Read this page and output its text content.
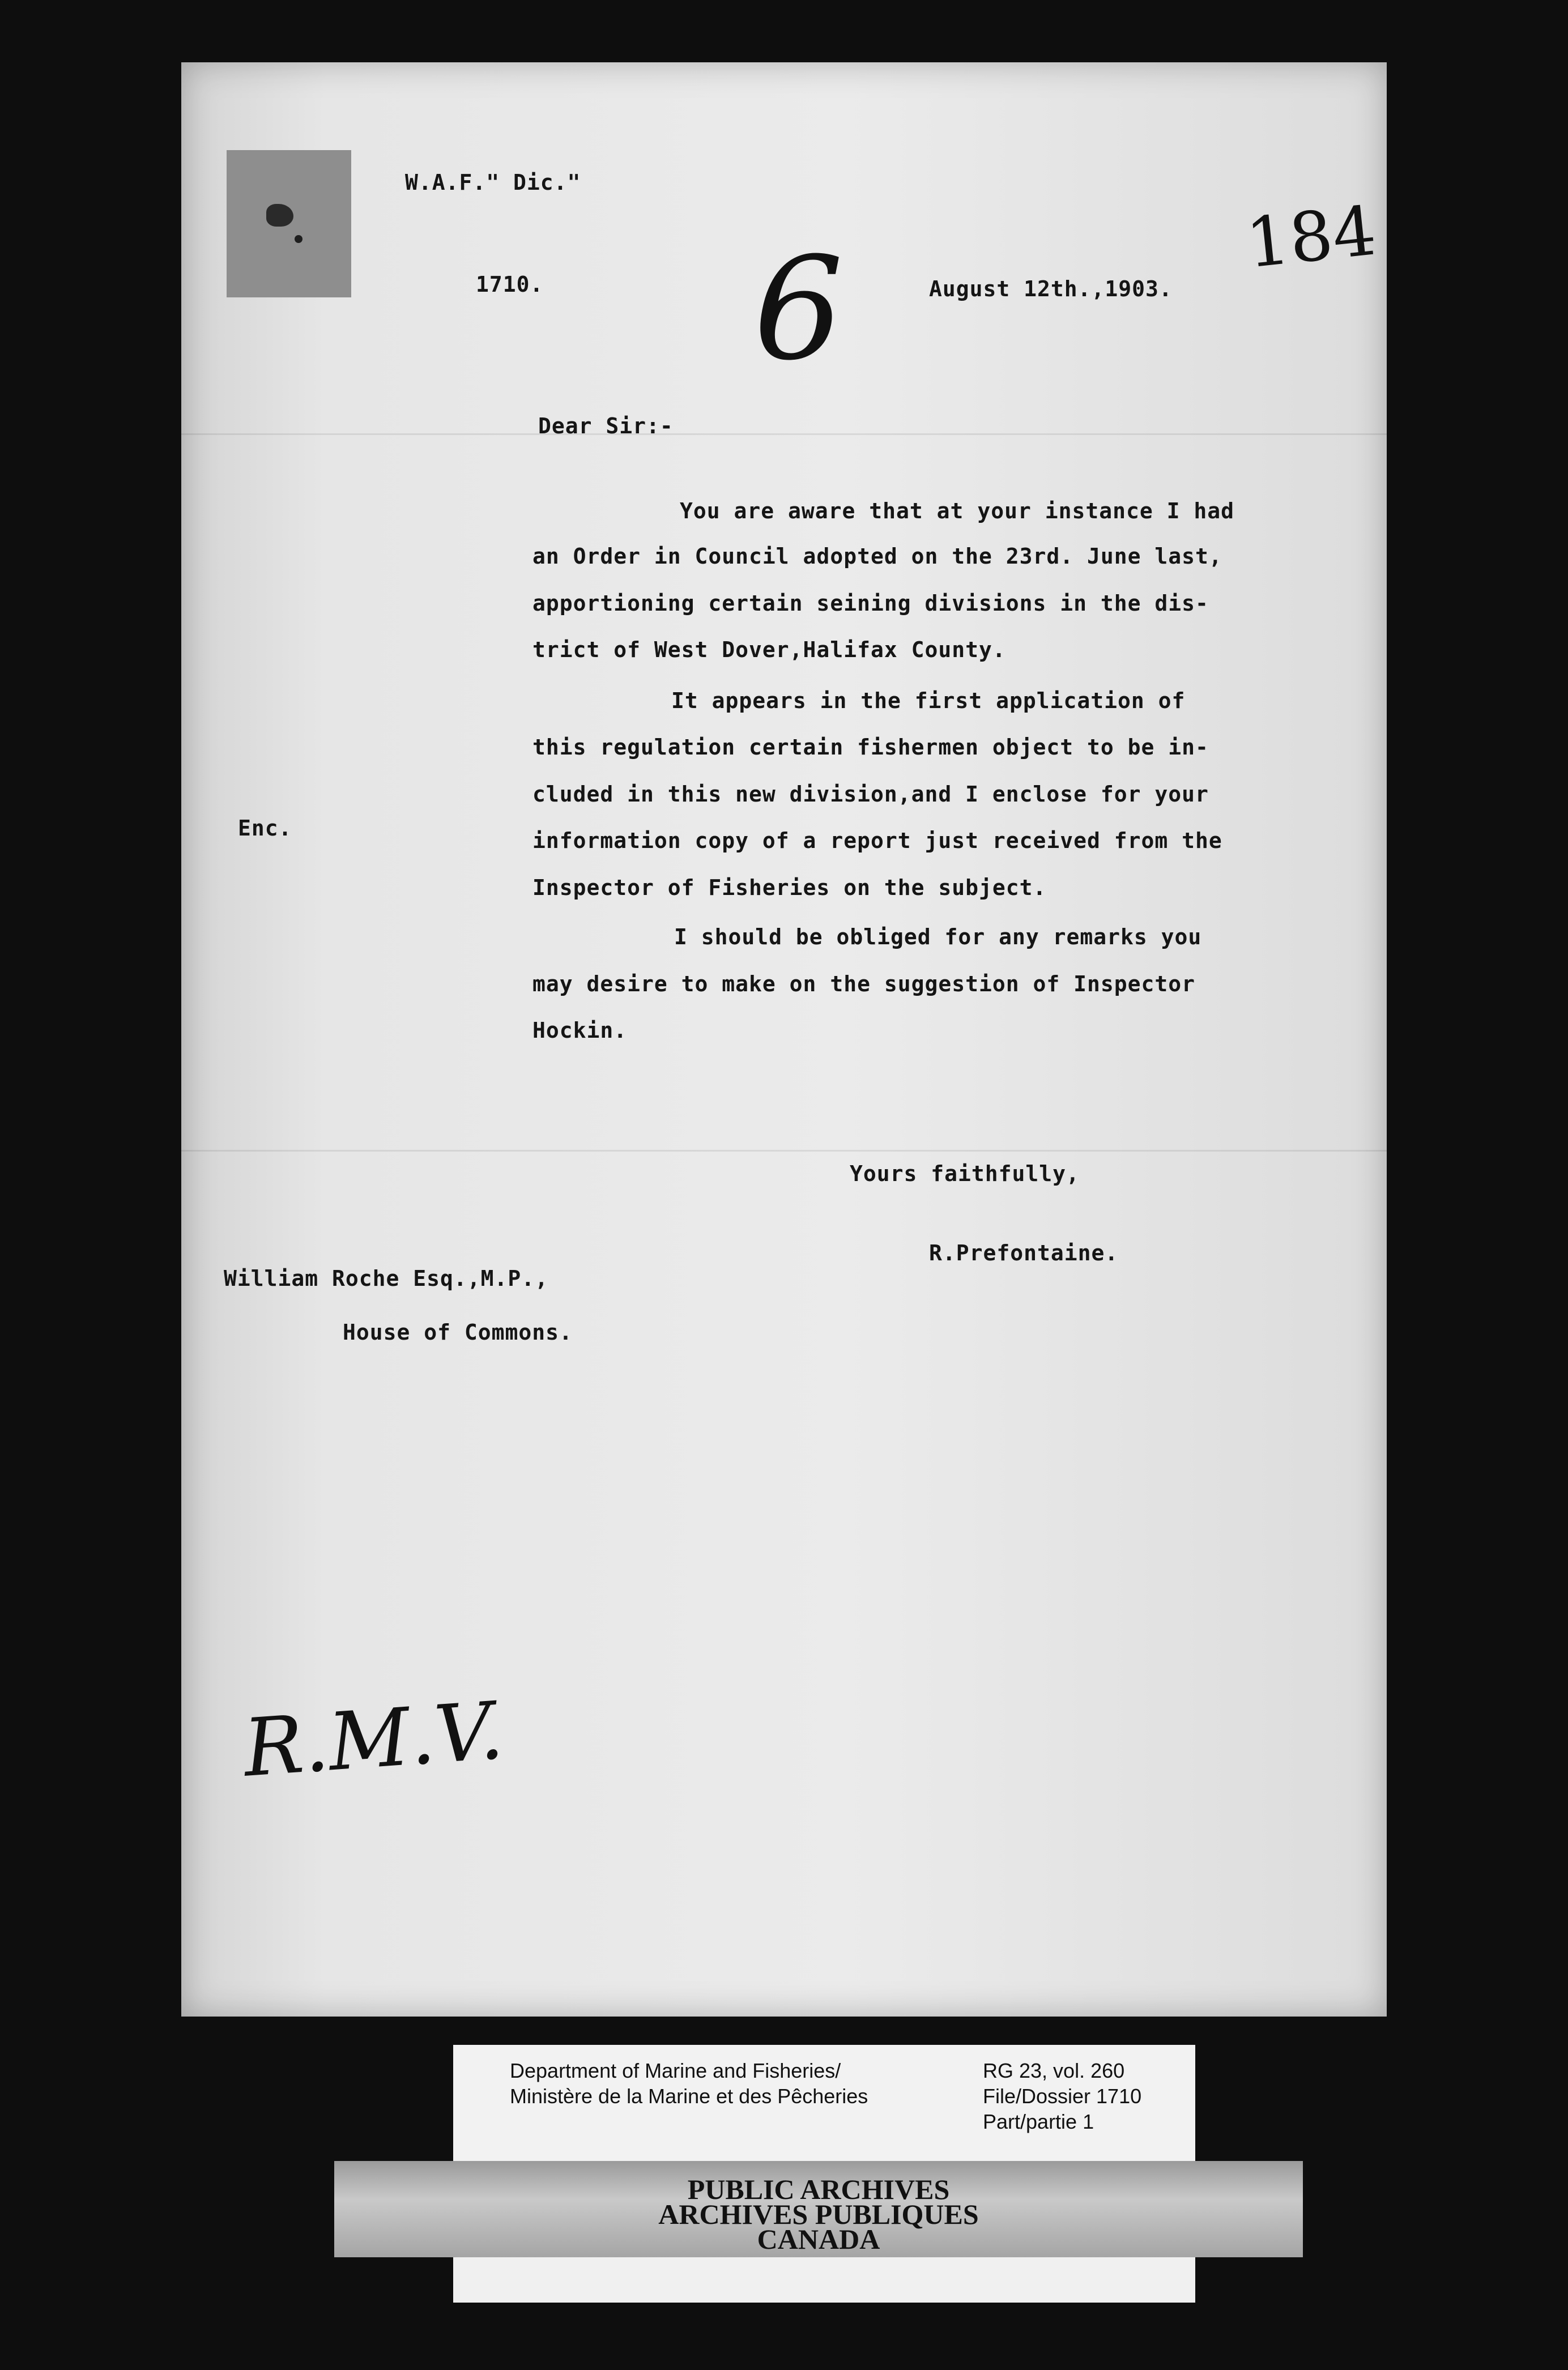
W.A.F." Dic."
1710.	August 12th.,1903.
6	184
Dear Sir:-
You are aware that at your instance I had
an Order in Council adopted on the 23rd. June last,
apportioning certain seining divisions in the dis-
trict of West Dover,Halifax County.
It appears in the first application of
this regulation certain fishermen object to be in-
cluded in this new division,and I enclose for your
information copy of a report just received from the
Inspector of Fisheries on the subject.
Enc.
I should be obliged for any remarks you
may desire to make on the suggestion of Inspector
Hockin.
Yours faithfully,
R.Prefontaine.
William Roche Esq.,M.P.,
House of Commons.
R.M.V.
Department of Marine and Fisheries/
Ministère de la Marine et des Pêcheries
RG 23, vol. 260
File/Dossier 1710
Part/partie 1
PUBLIC ARCHIVES
ARCHIVES PUBLIQUES
CANADA
